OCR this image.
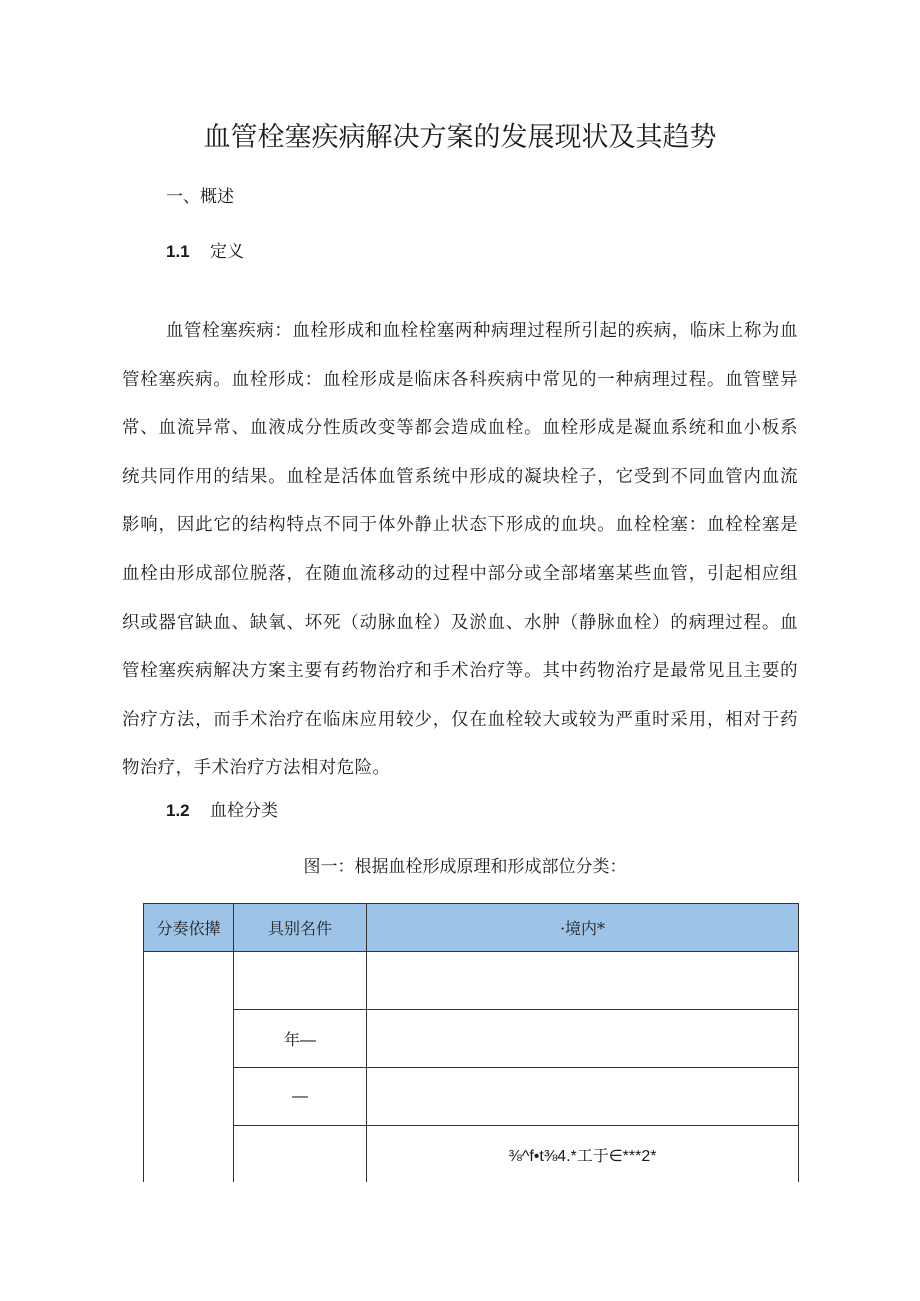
血管栓塞疾病解决方案的发展现状及其趋势
一、概述
1.1 定义
血管栓塞疾病：血栓形成和血栓栓塞两种病理过程所引起的疾病，临床上称为血管栓塞疾病。血栓形成：血栓形成是临床各科疾病中常见的一种病理过程。血管壁异常、血流异常、血液成分性质改变等都会造成血栓。血栓形成是凝血系统和血小板系统共同作用的结果。血栓是活体血管系统中形成的凝块栓子，它受到不同血管内血流影响，因此它的结构特点不同于体外静止状态下形成的血块。血栓栓塞：血栓栓塞是血栓由形成部位脱落，在随血流移动的过程中部分或全部堵塞某些血管，引起相应组织或器官缺血、缺氧、坏死（动脉血栓）及淤血、水肿（静脉血栓）的病理过程。血管栓塞疾病解决方案主要有药物治疗和手术治疗等。其中药物治疗是最常见且主要的治疗方法，而手术治疗在临床应用较少，仅在血栓较大或较为严重时采用，相对于药物治疗，手术治疗方法相对危险。
1.2 血栓分类
图一：根据血栓形成原理和形成部位分类：
分奏依撵	具别名件	·境内*

	年—	
	—	
		⅜^f•t⅜4.*工于∈***2*
